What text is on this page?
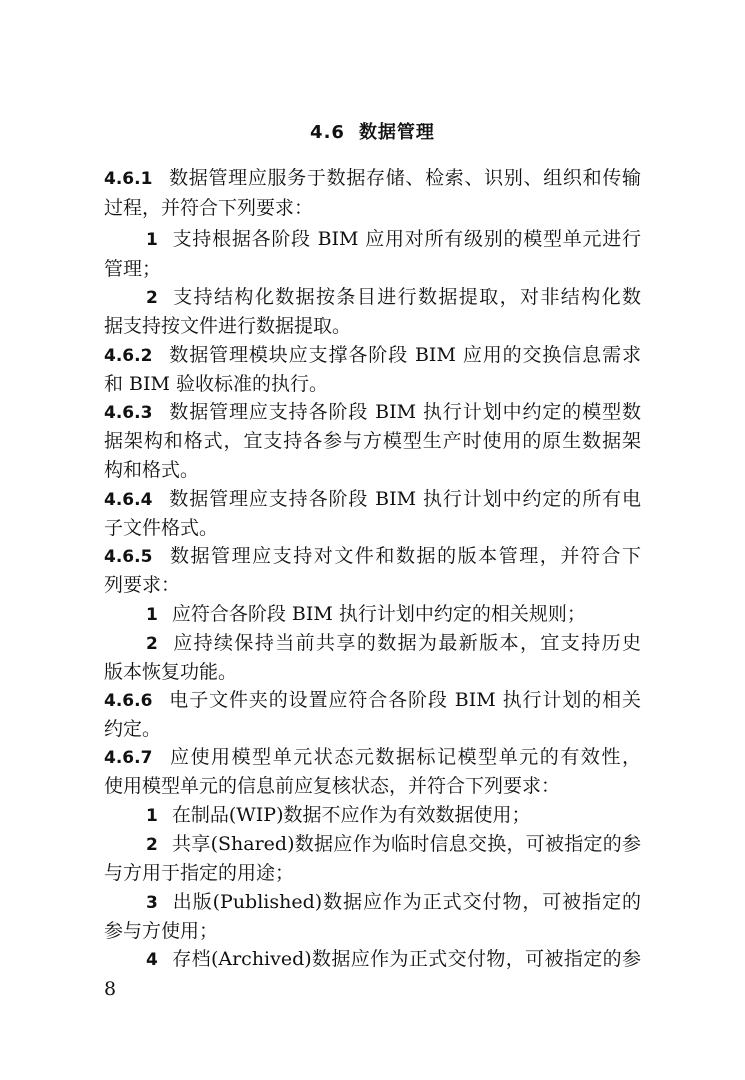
4.6 数据管理
4.6.1 数据管理应服务于数据存储、检索、识别、组织和传输
过程，并符合下列要求：
1 支持根据各阶段 BIM 应用对所有级别的模型单元进行
管理；
2 支持结构化数据按条目进行数据提取，对非结构化数
据支持按文件进行数据提取。
4.6.2 数据管理模块应支撑各阶段 BIM 应用的交换信息需求
和 BIM 验收标准的执行。
4.6.3 数据管理应支持各阶段 BIM 执行计划中约定的模型数
据架构和格式，宜支持各参与方模型生产时使用的原生数据架
构和格式。
4.6.4 数据管理应支持各阶段 BIM 执行计划中约定的所有电
子文件格式。
4.6.5 数据管理应支持对文件和数据的版本管理，并符合下
列要求：
1 应符合各阶段 BIM 执行计划中约定的相关规则；
2 应持续保持当前共享的数据为最新版本，宜支持历史
版本恢复功能。
4.6.6 电子文件夹的设置应符合各阶段 BIM 执行计划的相关
约定。
4.6.7 应使用模型单元状态元数据标记模型单元的有效性，
使用模型单元的信息前应复核状态，并符合下列要求：
1 在制品(WIP)数据不应作为有效数据使用；
2 共享(Shared)数据应作为临时信息交换，可被指定的参
与方用于指定的用途；
3 出版(Published)数据应作为正式交付物，可被指定的
参与方使用；
4 存档(Archived)数据应作为正式交付物，可被指定的参
8
